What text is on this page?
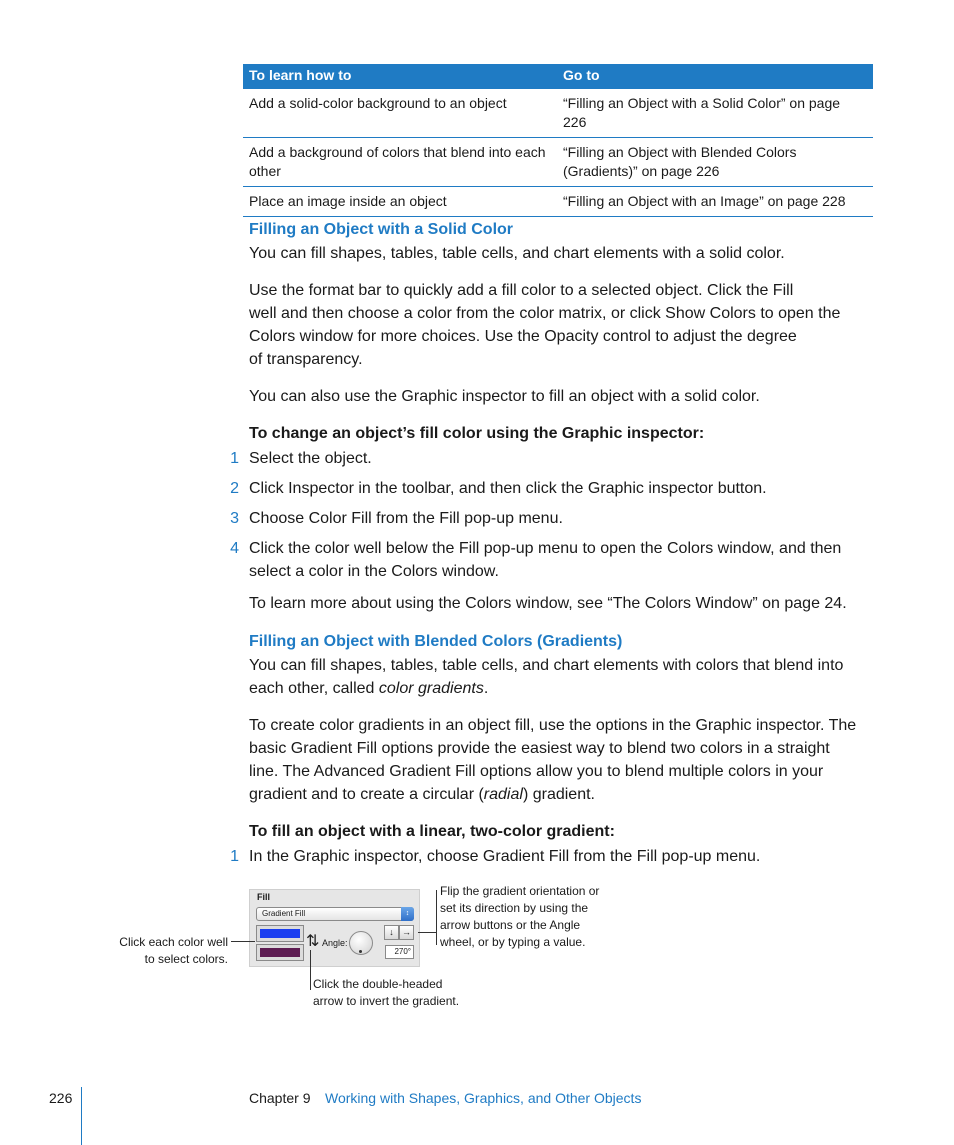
To learn how to	Go to
Add a solid-color background to an object	“Filling an Object with a Solid Color” on page 226
Add a background of colors that blend into each other	“Filling an Object with Blended Colors (Gradients)” on page 226
Place an image inside an object	“Filling an Object with an Image” on page 228
Filling an Object with a Solid Color
You can fill shapes, tables, table cells, and chart elements with a solid color.
Use the format bar to quickly add a fill color to a selected object. Click the Fill
well and then choose a color from the color matrix, or click Show Colors to open the
Colors window for more choices. Use the Opacity control to adjust the degree
of transparency.
You can also use the Graphic inspector to fill an object with a solid color.
To change an object’s fill color using the Graphic inspector:
1 Select the object.
2 Click Inspector in the toolbar, and then click the Graphic inspector button.
3 Choose Color Fill from the Fill pop-up menu.
4 Click the color well below the Fill pop-up menu to open the Colors window, and then
select a color in the Colors window.
To learn more about using the Colors window, see “The Colors Window” on page 24.
Filling an Object with Blended Colors (Gradients)
You can fill shapes, tables, table cells, and chart elements with colors that blend into
each other, called color gradients.
To create color gradients in an object fill, use the options in the Graphic inspector. The
basic Gradient Fill options provide the easiest way to blend two colors in a straight
line. The Advanced Gradient Fill options allow you to blend multiple colors in your
gradient and to create a circular (radial) gradient.
To fill an object with a linear, two-color gradient:
1 In the Graphic inspector, choose Gradient Fill from the Fill pop-up menu.
Fill
Gradient Fill	↕
⇅ Angle:
↓ →
270°
Click each color well
to select colors.
Click the double-headed
arrow to invert the gradient.
Flip the gradient orientation or
set its direction by using the
arrow buttons or the Angle
wheel, or by typing a value.
226	Chapter 9 Working with Shapes, Graphics, and Other Objects
